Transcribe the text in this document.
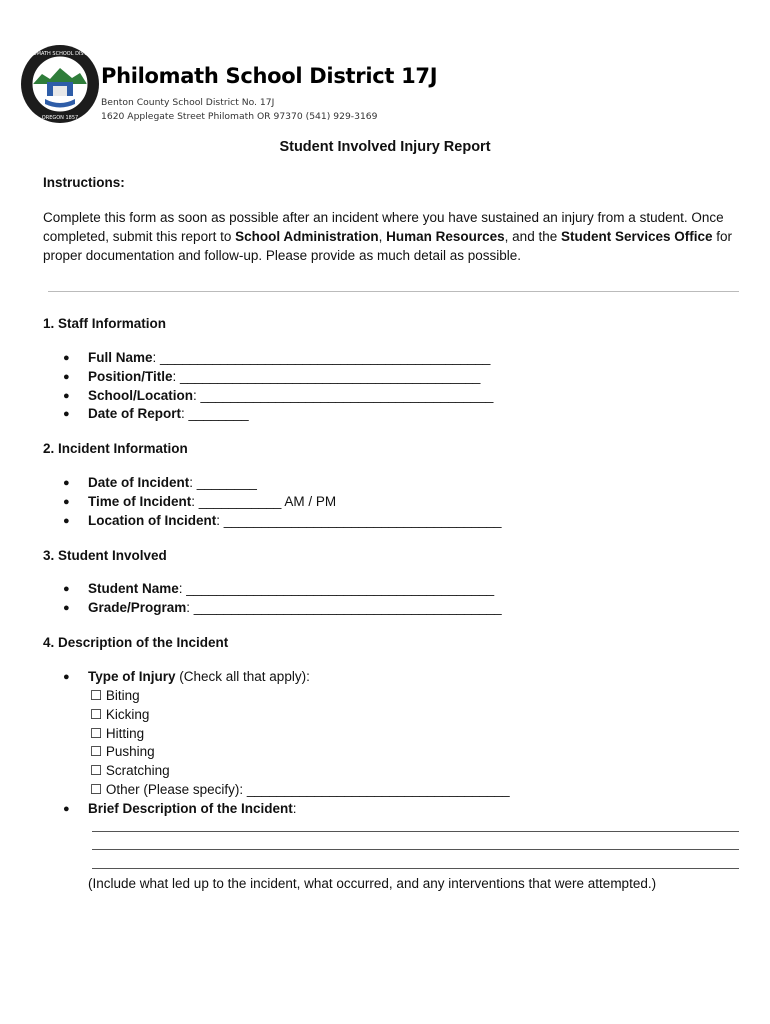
PHILOMATH SCHOOL DISTRICT
OREGON 1857
Philomath School District 17J
Benton County School District No. 17J
1620 Applegate Street Philomath OR 97370 (541) 929-3169
Student Involved Injury Report
Instructions:
Complete this form as soon as possible after an incident where you have sustained an injury from a student. Once completed, submit this report to School Administration, Human Resources, and the Student Services Office for proper documentation and follow-up. Please provide as much detail as possible.
1. Staff Information
● Full Name: ____________________________________________
● Position/Title: ________________________________________
● School/Location: _______________________________________
● Date of Report: ________
2. Incident Information
● Date of Incident: ________
● Time of Incident: ___________ AM / PM
● Location of Incident: _____________________________________
3. Student Involved
● Student Name: _________________________________________
● Grade/Program: _________________________________________
4. Description of the Incident
● Type of Injury (Check all that apply):
☐ Biting
☐ Kicking
☐ Hitting
☐ Pushing
☐ Scratching
☐ Other (Please specify): ___________________________________
● Brief Description of the Incident:
(Include what led up to the incident, what occurred, and any interventions that were attempted.)
